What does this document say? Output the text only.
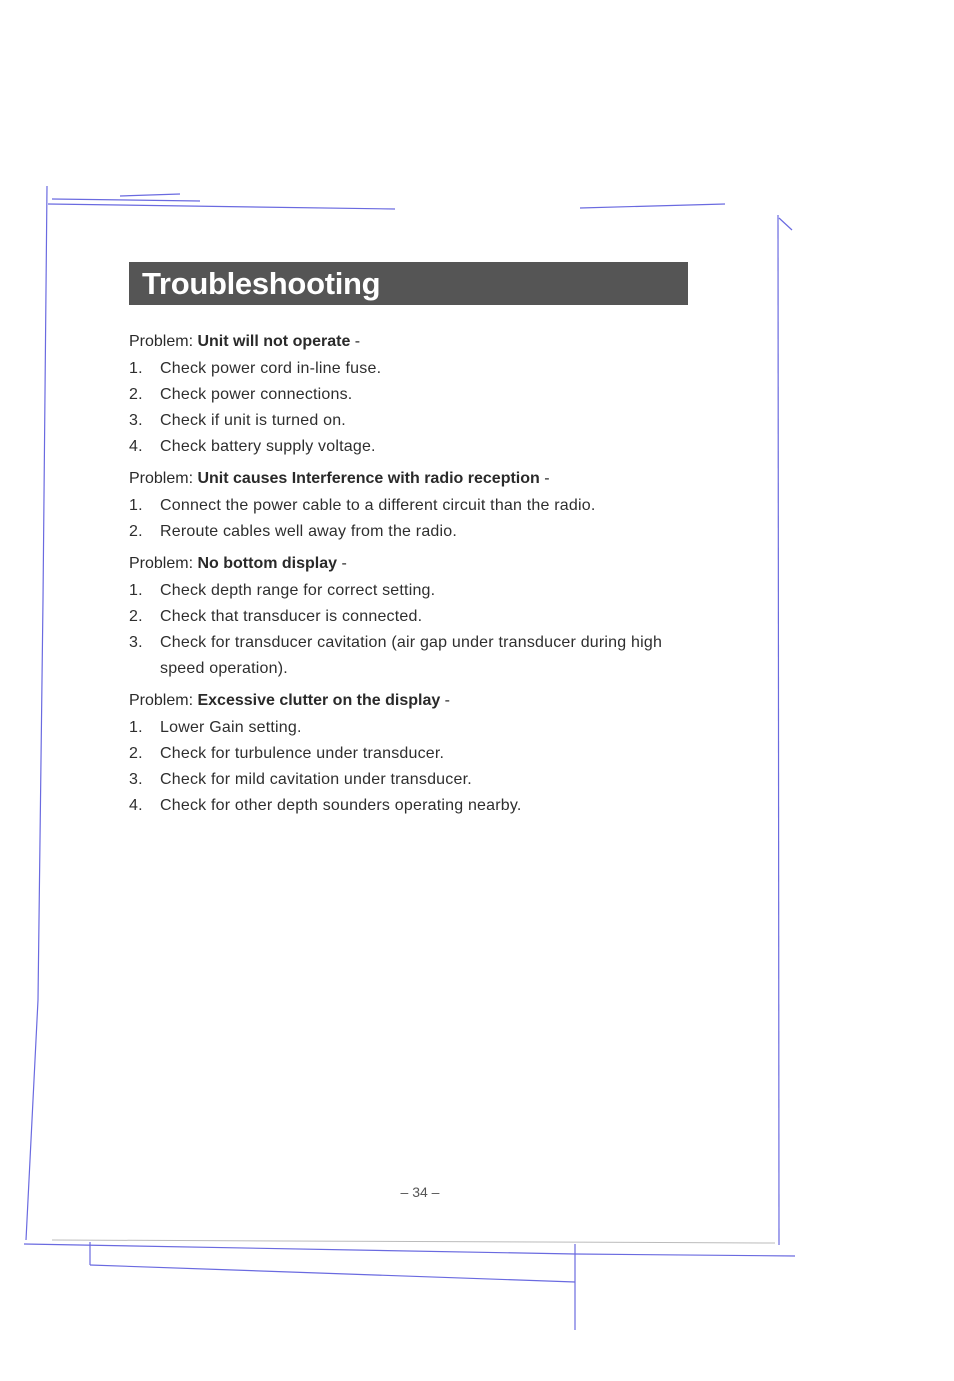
Troubleshooting
Problem: Unit will not operate -
1.	Check power cord in-line fuse.
2.	Check power connections.
3.	Check if unit is turned on.
4.	Check battery supply voltage.
Problem: Unit causes Interference with radio reception -
1.	Connect the power cable to a different circuit than the radio.
2.	Reroute cables well away from the radio.
Problem: No bottom display -
1.	Check depth range for correct setting.
2.	Check that transducer is connected.
3.	Check for transducer cavitation (air gap under transducer during high speed operation).
Problem: Excessive clutter on the display -
1.	Lower Gain setting.
2.	Check for turbulence under transducer.
3.	Check for mild cavitation under transducer.
4.	Check for other depth sounders operating nearby.
– 34 –
